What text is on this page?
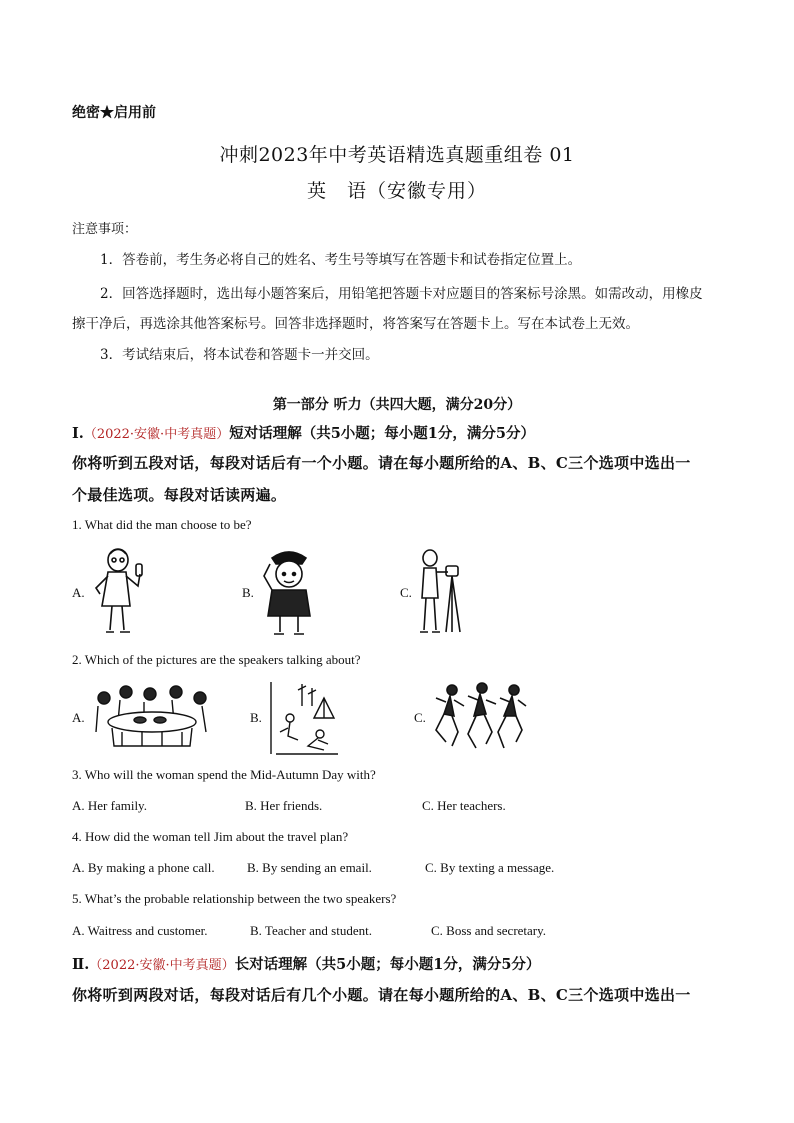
绝密★启用前
冲刺2023年中考英语精选真题重组卷 01
英　语（安徽专用）
注意事项：
1．答卷前，考生务必将自己的姓名、考生号等填写在答题卡和试卷指定位置上。
2．回答选择题时，选出每小题答案后，用铅笔把答题卡对应题目的答案标号涂黑。如需改动，用橡皮
擦干净后，再选涂其他答案标号。回答非选择题时，将答案写在答题卡上。写在本试卷上无效。
3．考试结束后，将本试卷和答题卡一并交回。
第一部分 听力（共四大题，满分20分）
Ⅰ.（2022·安徽·中考真题）短对话理解（共5小题；每小题1分，满分5分）
你将听到五段对话，每段对话后有一个小题。请在每小题所给的A、B、C三个选项中选出一
个最佳选项。每段对话读两遍。
1. What did the man choose to be?
A.	B.	C.
2. Which of the pictures are the speakers talking about?
A.	B.	C.
3. Who will the woman spend the Mid-Autumn Day with?
A. Her family.	B. Her friends.	C. Her teachers.
4. How did the woman tell Jim about the travel plan?
A. By making a phone call. B. By sending an email.	C. By texting a message.
5. What’s the probable relationship between the two speakers?
A. Waitress and customer.	B. Teacher and student.	C. Boss and secretary.
Ⅱ.（2022·安徽·中考真题）长对话理解（共5小题；每小题1分，满分5分）
你将听到两段对话，每段对话后有几个小题。请在每小题所给的A、B、C三个选项中选出一
